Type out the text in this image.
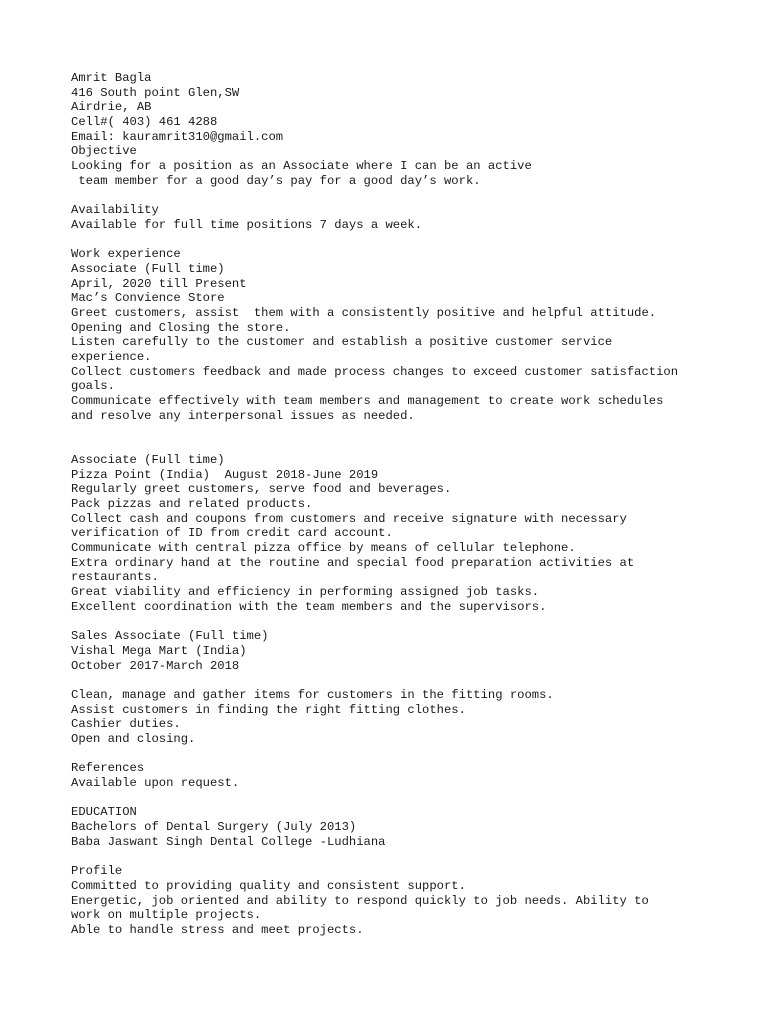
Amrit Bagla
416 South point Glen,SW
Airdrie, AB
Cell#( 403) 461 4288
Email: kauramrit310@gmail.com
Objective
Looking for a position as an Associate where I can be an active
team member for a good day’s pay for a good day’s work.
Availability
Available for full time positions 7 days a week.
Work experience
Associate (Full time)
April, 2020 till Present
Mac’s Convience Store
Greet customers, assist  them with a consistently positive and helpful attitude.
Opening and Closing the store.
Listen carefully to the customer and establish a positive customer service
experience.
Collect customers feedback and made process changes to exceed customer satisfaction
goals.
Communicate effectively with team members and management to create work schedules
and resolve any interpersonal issues as needed.
Associate (Full time)
Pizza Point (India)  August 2018-June 2019
Regularly greet customers, serve food and beverages.
Pack pizzas and related products.
Collect cash and coupons from customers and receive signature with necessary
verification of ID from credit card account.
Communicate with central pizza office by means of cellular telephone.
Extra ordinary hand at the routine and special food preparation activities at
restaurants.
Great viability and efficiency in performing assigned job tasks.
Excellent coordination with the team members and the supervisors.
Sales Associate (Full time)
Vishal Mega Mart (India)
October 2017-March 2018
Clean, manage and gather items for customers in the fitting rooms.
Assist customers in finding the right fitting clothes.
Cashier duties.
Open and closing.
References
Available upon request.
EDUCATION
Bachelors of Dental Surgery (July 2013)
Baba Jaswant Singh Dental College -Ludhiana
Profile
Committed to providing quality and consistent support.
Energetic, job oriented and ability to respond quickly to job needs. Ability to
work on multiple projects.
Able to handle stress and meet projects.
